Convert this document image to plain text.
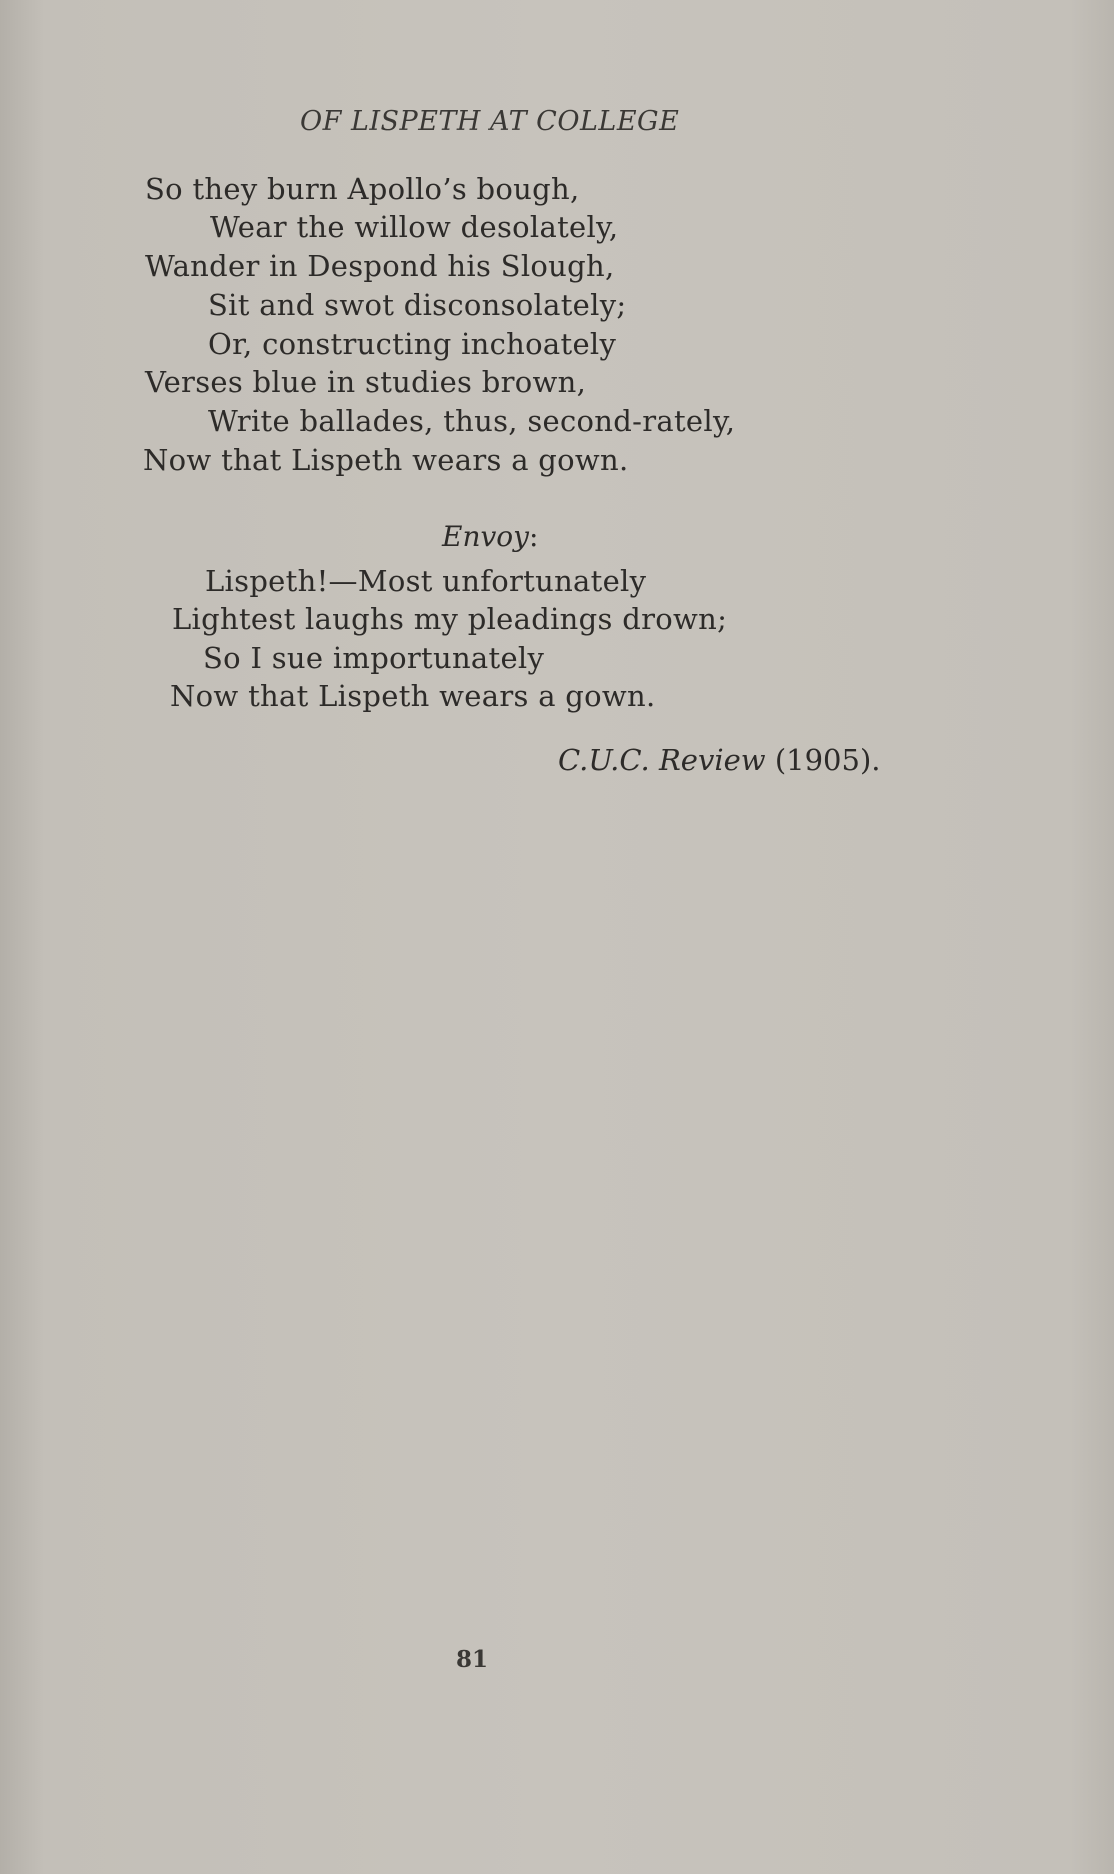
OF LISPETH AT COLLEGE
So they burn Apollo’s bough,
Wear the willow desolately,
Wander in Despond his Slough,
Sit and swot disconsolately;
Or, constructing inchoately
Verses blue in studies brown,
Write ballades, thus, second-rately,
Now that Lispeth wears a gown.
Envoy:
Lispeth!—Most unfortunately
Lightest laughs my pleadings drown;
So I sue importunately
Now that Lispeth wears a gown.
C.U.C. Review (1905).
81
